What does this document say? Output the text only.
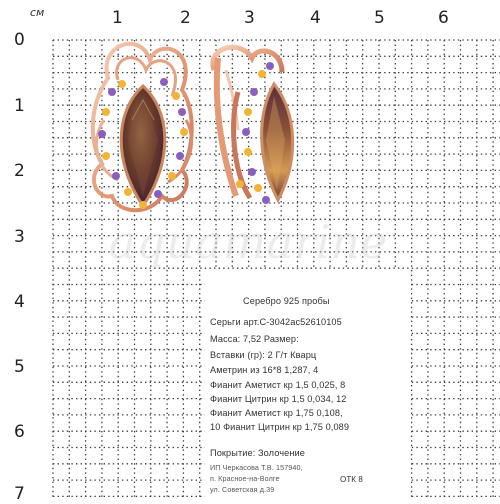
aquamarine
см	1	2	3	4	5	6
0
1
2
3
4
5
6
7
Серебро 925 пробы
Серьги арт.С-3042ас52610105
Масса: 7,52 Размер:
Вставки (гр): 2 Г/т Кварц
Аметрин из 16*8 1,287, 4
Фианит Аметист кр 1,5 0,025, 8
Фианит Цитрин кр 1,5 0,034, 12
Фианит Аметист кр 1,75 0,108,
10 Фианит Цитрин кр 1,75 0,089
Покрытие: Золочение
ИП Черкасова Т.В. 157940,
п. Красное-на-Волге
ул. Советская д.39
ОТК 8
